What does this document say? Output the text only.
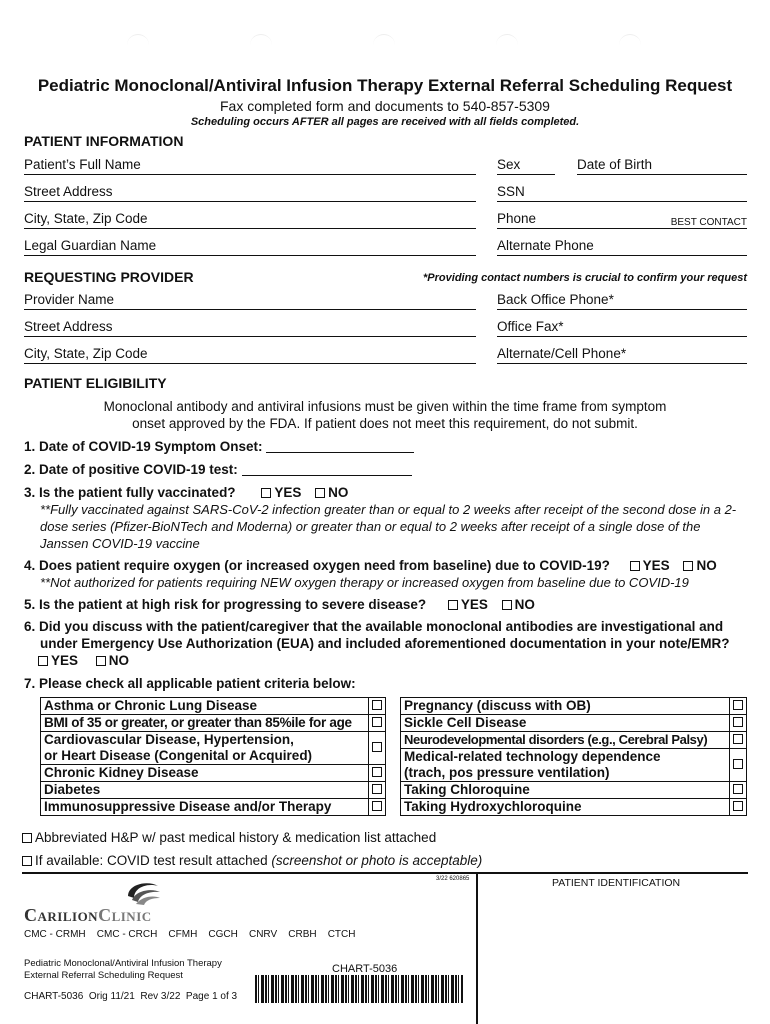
Pediatric Monoclonal/Antiviral Infusion Therapy External Referral Scheduling Request
Fax completed form and documents to 540-857-5309
Scheduling occurs AFTER all pages are received with all fields completed.
PATIENT INFORMATION
Patient’s Full Name	Sex	Date of Birth
Street Address	SSN
City, State, Zip Code	Phone	BEST CONTACT
Legal Guardian Name	Alternate Phone
REQUESTING PROVIDER	*Providing contact numbers is crucial to confirm your request
Provider Name	Back Office Phone*
Street Address	Office Fax*
City, State, Zip Code	Alternate/Cell Phone*
PATIENT ELIGIBILITY
Monoclonal antibody and antiviral infusions must be given within the time frame from symptom
onset approved by the FDA. If patient does not meet this requirement, do not submit.
1. Date of COVID-19 Symptom Onset:
2. Date of positive COVID-19 test:
3. Is the patient fully vaccinated?	YES NO
**Fully vaccinated against SARS-CoV-2 infection greater than or equal to 2 weeks after receipt of the second dose in a 2-dose series (Pfizer-BioNTech and Moderna) or greater than or equal to 2 weeks after receipt of a single dose of the Janssen COVID-19 vaccine
4. Does patient require oxygen (or increased oxygen need from baseline) due to COVID-19? YES NO
**Not authorized for patients requiring NEW oxygen therapy or increased oxygen from baseline due to COVID-19
5. Is the patient at high risk for progressing to severe disease?	YES NO
6. Did you discuss with the patient/caregiver that the available monoclonal antibodies are investigational and
under Emergency Use Authorization (EUA) and included aforementioned documentation in your note/EMR?
YES NO
7. Please check all applicable patient criteria below:
Asthma or Chronic Lung Disease	
BMI of 35 or greater, or greater than 85%ile for age	

Cardiovascular Disease, Hypertension,
or Heart Disease (Congenital or Acquired)	

Chronic Kidney Disease	
Diabetes	
Immunosuppressive Disease and/or Therapy	
Pregnancy (discuss with OB)	
Sickle Cell Disease	
Neurodevelopmental disorders (e.g., Cerebral Palsy)	

Medical-related technology dependence
(trach, pos pressure ventilation)	

Taking Chloroquine	
Taking Hydroxychloroquine	
Abbreviated H&P w/ past medical history & medication list attached
If available: COVID test result attached (screenshot or photo is acceptable)
3/22 620865	PATIENT IDENTIFICATION
CarilionClinic
CMC - CRMH    CMC - CRCH    CFMH    CGCH    CNRV    CRBH    CTCH
Pediatric Monoclonal/Antiviral Infusion Therapy
External Referral Scheduling Request
CHART-5036
CHART-5036  Orig 11/21  Rev 3/22  Page 1 of 3
